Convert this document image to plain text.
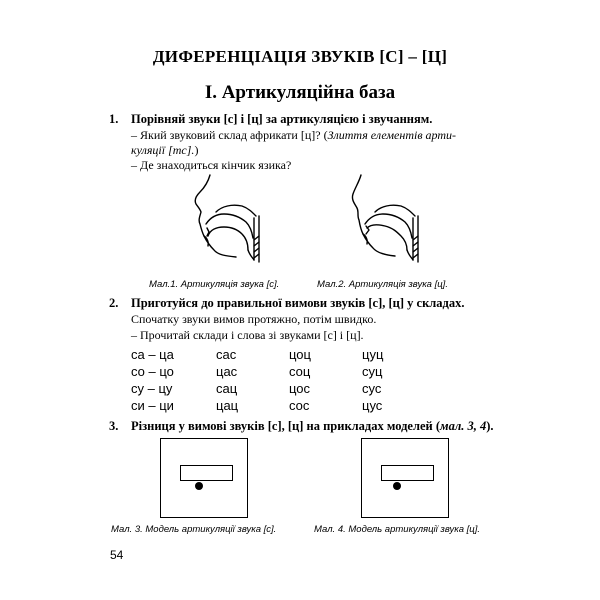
ДИФЕРЕНЦІАЦІЯ ЗВУКІВ [С] – [Ц]
I. Артикуляційна база
1. Порівняй звуки [с] і [ц] за артикуляцією і звучанням.
– Який звуковий склад африкати [ц]? (Злиття елементів арти-
куляції [тс].)
– Де знаходиться кінчик язика?
Мал.1. Артикуляція звука [с].	Мал.2. Артикуляція звука [ц].
2. Приготуйся до правильної вимови звуків [с], [ц] у складах.
Спочатку звуки вимов протяжно, потім швидко.
– Прочитай склади і слова зі звуками [с] і [ц].
са – ца
со – цо
су – цу
си – ци
сас
цас
сац
цац
цоц
соц
цос
сос
цуц
суц
сус
цус
3. Різниця у вимові звуків [с], [ц] на прикладах моделей (мал. 3, 4).
Мал. 3. Модель артикуляції звука [с].	Мал. 4. Модель артикуляції звука [ц].
54
